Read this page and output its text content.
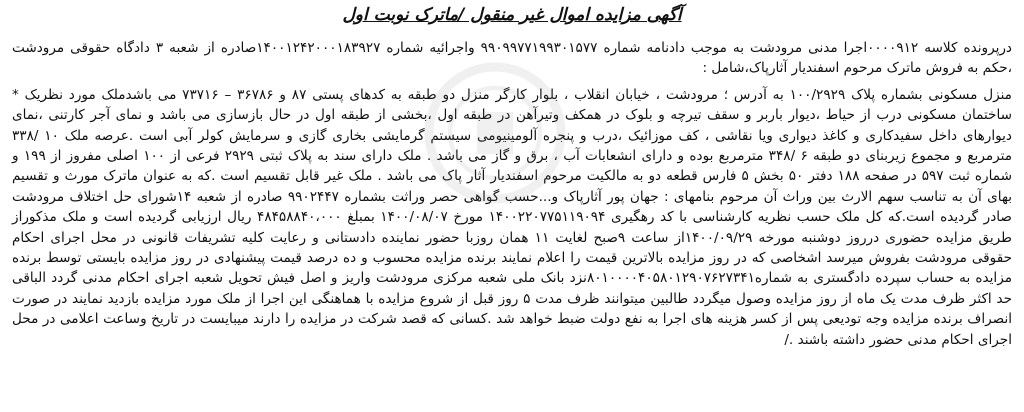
آگهی مزایده اموال غیر منقول /ماترک نوبت اول

درپرونده کلاسه ۰۰۰۰۹۱۲اجرا مدنی مرودشت به موجب دادنامه شماره ۹۹۰۹۹۷۷۱۹۹۳۰۱۵۷۷ واجرائیه شماره ۱۴۰۰۱۲۴۲۰۰۰۱۸۳۹۲۷صادره از شعبه ۳ دادگاه حقوقی مرودشت ،حکم به فروش ماترک مرحوم اسفندیار آثارپاک،شامل :

منزل مسکونی بشماره پلاک ۱۰۰/۲۹۲۹ به آدرس ؛ مرودشت ، خیابان انقلاب ، بلوار کارگر منزل دو طبقه به کدهای پستی ۸۷ و ۳۶۷۸۶ – ۷۳۷۱۶ می باشدملک مورد نظریک * ساختمان مسکونی درب از حیاط ،دیوار باربر و سقف تیرچه و بلوک در همکف وتیرآهن در طبقه اول ،بخشی از طبقه اول در حال بازسازی می باشد و نمای آجر کارتنی ،نمای دیوارهای داخل سفیدکاری و کاغذ دیواری ویا نقاشی ، کف موزائیک ،درب و پنجره آلومینیومی سیستم گرمایشی بخاری گازی و سرمایش کولر آبی است .عرصه ملک ۱۰ /۳۳۸ مترمربع و مجموع زیربنای دو طبقه ۶ /۳۴۸ مترمربع بوده و دارای انشعابات آب ، برق و گاز می باشد . ملک دارای سند به پلاک ثبتی ۲۹۲۹ فرعی از ۱۰۰ اصلی مفروز از ۱۹۹ و شماره ثبت ۵۹۷ در صفحه ۱۸۸ دفتر ۵۰ بخش ۵ فارس قطعه دو به مالکیت مرحوم اسفندیار آثار پاک می باشد . ملک غیر قابل تقسیم است .که به عنوان ماترک مورث و تقسیم بهای آن به تناسب سهم الارث بین وراث آن مرحوم بنامهای : جهان پور آثارپاک و...حسب گواهی حصر وراثت بشماره ۹۹۰۲۴۴۷ صادره از شعبه ۱۴شورای حل اختلاف مرودشت صادر گردیده است.که کل ملک حسب نظریه کارشناسی با کد رهگیری ۱۴۰۰۲۲۰۷۷۵۱۱۹۰۹۴ مورخ ۱۴۰۰/۰۸/۰۷ بمبلغ ۴۸۴۵۸۸۴۰،۰۰۰ ریال ارزیابی گردیده است و ملک مذکوراز طریق مزایده حضوری درروز دوشنبه مورخه ۱۴۰۰/۰۹/۲۹از ساعت ۹صبح لغایت ۱۱ همان روزبا حضور نماینده دادستانی و رعایت کلیه تشریفات قانونی در محل اجرای احکام حقوقی مرودشت بفروش میرسد اشخاصی که در روز مزایده بالاترین قیمت را اعلام نمایند برنده مزایده محسوب و ده درصد قیمت پیشنهادی در روز مزایده بایستی توسط برنده مزایده به حساب سپرده دادگستری به شماره۸۰۱۰۰۰۰۴۰۵۸۰۱۲۹۰۷۶۲۷۳۴۱نزد بانک ملی شعبه مرکزی مرودشت واریز و اصل فیش تحویل شعبه اجرای احکام مدنی گردد الباقی حد اکثر ظرف مدت یک ماه از روز مزایده وصول میگردد طالبین میتوانند ظرف مدت ۵ روز قبل از شروع مزایده با هماهنگی این اجرا از ملک مورد مزایده بازدید نمایند در صورت انصراف برنده مزایده وجه تودیعی پس از کسر هزینه های اجرا به نفع دولت ضبط خواهد شد .کسانی که قصد شرکت در مزایده را دارند میبایست در تاریخ وساعت اعلامی در محل اجرای احکام مدنی حضور داشته باشند ./
